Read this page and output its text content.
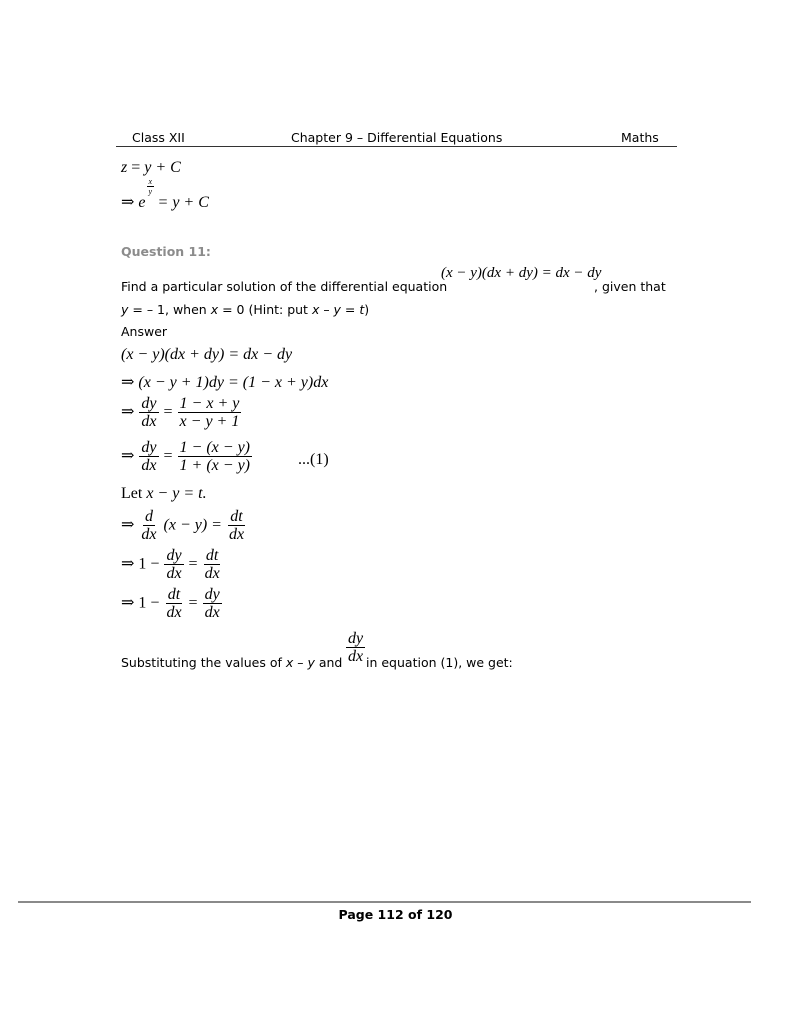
Class XII	Chapter 9 – Differential Equations	Maths
z = y + C
⇒ e
$\frac{x}{y}$
= y + C
Question 11:
Find a particular solution of the differential equation
(x − y)(dx + dy) = dx − dy
, given that
y = – 1, when x = 0 (Hint: put x – y = t)
Answer
(x − y)(dx + dy) = dx − dy
⇒ (x − y + 1)dy = (1 − x + y)dx
⇒ $\frac{dy}{dx} = \frac{1 - x + y}{x - y + 1}$
⇒ $\frac{dy}{dx} = \frac{1 - (x - y)}{1 + (x - y)}$	...(1)
Let x − y = t.
⇒ $\frac{d}{dx} (x - y) = \frac{dt}{dx}$
⇒ $1 - \frac{dy}{dx} = \frac{dt}{dx}$
⇒ $1 - \frac{dt}{dx} = \frac{dy}{dx}$
Substituting the values of x – y and $\frac{dy}{dx}$ in equation (1), we get:
Page 112 of 120
